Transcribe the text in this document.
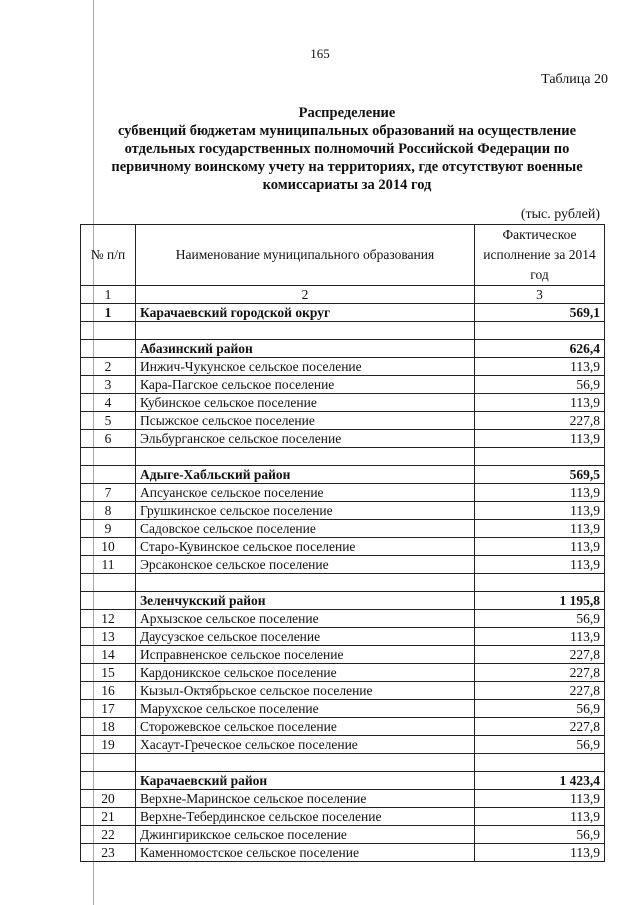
165
Таблица 20
Распределение
субвенций бюджетам муниципальных образований на осуществление
отдельных государственных полномочий Российской Федерации по
первичному воинскому учету на территориях, где отсутствуют военные
комиссариаты за 2014 год
(тыс. рублей)
№ п/п	Наименование муниципального образования	Фактическое исполнение за 2014 год
1	2	3
1	Карачаевский городской округ	569,1

	Абазинский район	626,4
2	Инжич-Чукунское сельское поселение	113,9
3	Кара-Пагское сельское поселение	56,9
4	Кубинское сельское поселение	113,9
5	Псыжское сельское поселение	227,8
6	Эльбурганское сельское поселение	113,9

	Адыге-Хабльский район	569,5
7	Апсуанское сельское поселение	113,9
8	Грушкинское сельское поселение	113,9
9	Садовское сельское поселение	113,9
10	Старо-Кувинское сельское поселение	113,9
11	Эрсаконское сельское поселение	113,9

	Зеленчукский район	1 195,8
12	Архызское сельское поселение	56,9
13	Даусузское сельское поселение	113,9
14	Исправненское сельское поселение	227,8
15	Кардоникское сельское поселение	227,8
16	Кызыл-Октябрьское сельское поселение	227,8
17	Марухское сельское поселение	56,9
18	Сторожевское сельское поселение	227,8
19	Хасаут-Греческое сельское поселение	56,9

	Карачаевский район	1 423,4
20	Верхне-Маринское сельское поселение	113,9
21	Верхне-Тебердинское сельское поселение	113,9
22	Джингирикское сельское поселение	56,9
23	Каменномостское сельское поселение	113,9
